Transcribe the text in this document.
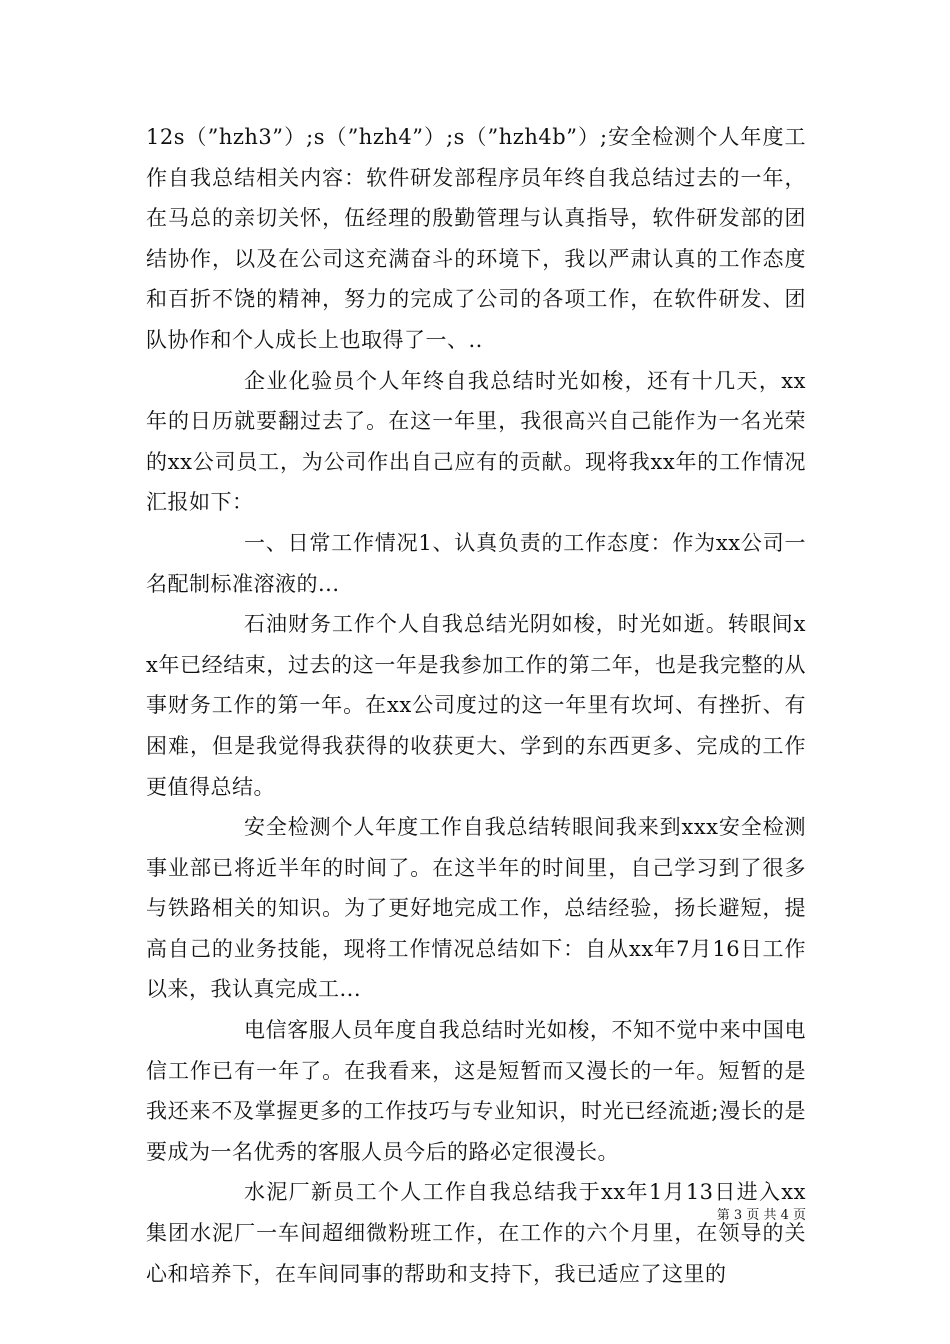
12s（”hzh3”）;s（”hzh4”）;s（”hzh4b”）;安全检测个人年度工作自我总结相关内容：软件研发部程序员年终自我总结过去的一年，在马总的亲切关怀，伍经理的殷勤管理与认真指导，软件研发部的团结协作，以及在公司这充满奋斗的环境下，我以严肃认真的工作态度和百折不饶的精神，努力的完成了公司的各项工作，在软件研发、团队协作和个人成长上也取得了一、..

企业化验员个人年终自我总结时光如梭，还有十几天，xx年的日历就要翻过去了。在这一年里，我很高兴自己能作为一名光荣的xx公司员工，为公司作出自己应有的贡献。现将我xx年的工作情况汇报如下：

一、日常工作情况1、认真负责的工作态度：作为xx公司一名配制标准溶液的...

石油财务工作个人自我总结光阴如梭，时光如逝。转眼间xx年已经结束，过去的这一年是我参加工作的第二年，也是我完整的从事财务工作的第一年。在xx公司度过的这一年里有坎坷、有挫折、有困难，但是我觉得我获得的收获更大、学到的东西更多、完成的工作更值得总结。

安全检测个人年度工作自我总结转眼间我来到xxx安全检测事业部已将近半年的时间了。在这半年的时间里，自己学习到了很多与铁路相关的知识。为了更好地完成工作，总结经验，扬长避短，提高自己的业务技能，现将工作情况总结如下：自从xx年7月16日工作以来，我认真完成工...

电信客服人员年度自我总结时光如梭，不知不觉中来中国电信工作已有一年了。在我看来，这是短暂而又漫长的一年。短暂的是我还来不及掌握更多的工作技巧与专业知识，时光已经流逝;漫长的是要成为一名优秀的客服人员今后的路必定很漫长。

水泥厂新员工个人工作自我总结我于xx年1月13日进入xx集团水泥厂一车间超细微粉班工作，在工作的六个月里，在领导的关心和培养下，在车间同事的帮助和支持下，我已适应了这里的

第 3 页 共 4 页
